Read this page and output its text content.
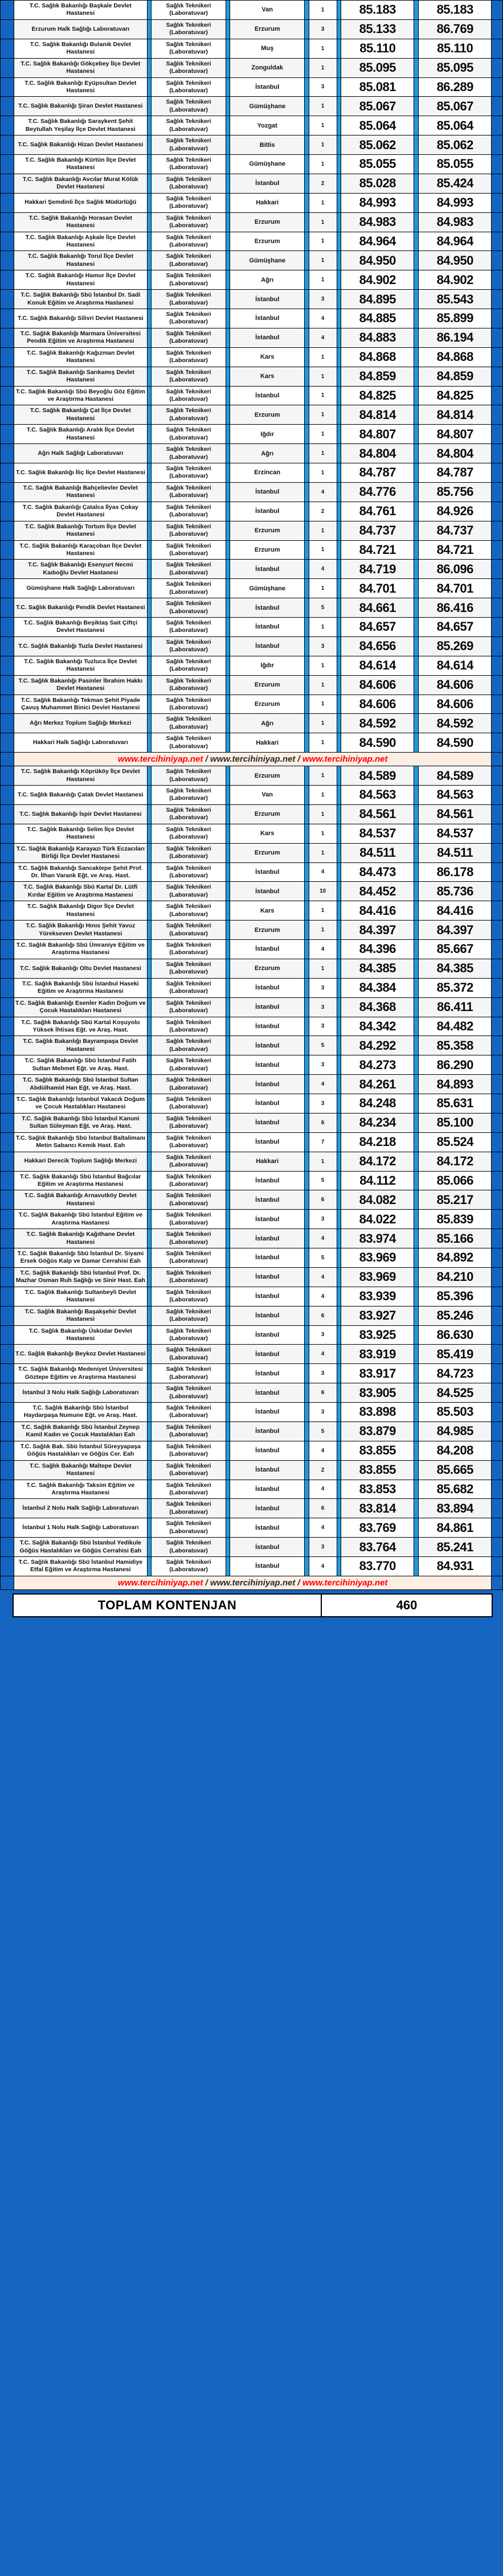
	T.C. Sağlık Bakanlığı Başkale Devlet Hastanesi		Sağlık Teknikeri (Laboratuvar)		Van		1		85.183		85.183	
	Erzurum Halk Sağlığı Laboratuvarı		Sağlık Teknikeri (Laboratuvar)		Erzurum		3		85.133		86.769	
	T.C. Sağlık Bakanlığı Bulanık Devlet Hastanesi		Sağlık Teknikeri (Laboratuvar)		Muş		1		85.110		85.110	
	T.C. Sağlık Bakanlığı Gökçebey İlçe Devlet Hastanesi		Sağlık Teknikeri (Laboratuvar)		Zonguldak		1		85.095		85.095	
	T.C. Sağlık Bakanlığı Eyüpsultan Devlet Hastanesi		Sağlık Teknikeri (Laboratuvar)		İstanbul		3		85.081		86.289	
	T.C. Sağlık Bakanlığı Şiran Devlet Hastanesi		Sağlık Teknikeri (Laboratuvar)		Gümüşhane		1		85.067		85.067	
	T.C. Sağlık Bakanlığı Saraykent Şehit Beytullah Yeşilay İlçe Devlet Hastanesi		Sağlık Teknikeri (Laboratuvar)		Yozgat		1		85.064		85.064	
	T.C. Sağlık Bakanlığı Hizan Devlet Hastanesi		Sağlık Teknikeri (Laboratuvar)		Bitlis		1		85.062		85.062	
	T.C. Sağlık Bakanlığı Kürtün İlçe Devlet Hastanesi		Sağlık Teknikeri (Laboratuvar)		Gümüşhane		1		85.055		85.055	
	T.C. Sağlık Bakanlığı Avcılar Murat Kölük Devlet Hastanesi		Sağlık Teknikeri (Laboratuvar)		İstanbul		2		85.028		85.424	
	Hakkari Şemdinli İlçe Sağlık Müdürlüğü		Sağlık Teknikeri (Laboratuvar)		Hakkari		1		84.993		84.993	
	T.C. Sağlık Bakanlığı Horasan Devlet Hastanesi		Sağlık Teknikeri (Laboratuvar)		Erzurum		1		84.983		84.983	
	T.C. Sağlık Bakanlığı Aşkale İlçe Devlet Hastanesi		Sağlık Teknikeri (Laboratuvar)		Erzurum		1		84.964		84.964	
	T.C. Sağlık Bakanlığı Torul İlçe Devlet Hastanesi		Sağlık Teknikeri (Laboratuvar)		Gümüşhane		1		84.950		84.950	
	T.C. Sağlık Bakanlığı Hamur İlçe Devlet Hastanesi		Sağlık Teknikeri (Laboratuvar)		Ağrı		1		84.902		84.902	
	T.C. Sağlık Bakanlığı Sbü İstanbul Dr. Sadi Konuk Eğitim ve Araştırma Hastanesi		Sağlık Teknikeri (Laboratuvar)		İstanbul		3		84.895		85.543	
	T.C. Sağlık Bakanlığı Silivri Devlet Hastanesi		Sağlık Teknikeri (Laboratuvar)		İstanbul		4		84.885		85.899	
	T.C. Sağlık Bakanlığı Marmara Üniversitesi Pendik Eğitim ve Araştırma Hastanesi		Sağlık Teknikeri (Laboratuvar)		İstanbul		4		84.883		86.194	
	T.C. Sağlık Bakanlığı Kağızman Devlet Hastanesi		Sağlık Teknikeri (Laboratuvar)		Kars		1		84.868		84.868	
	T.C. Sağlık Bakanlığı Sarıkamış Devlet Hastanesi		Sağlık Teknikeri (Laboratuvar)		Kars		1		84.859		84.859	
	T.C. Sağlık Bakanlığı Sbü Beyoğlu Göz Eğitim ve Araştırma Hastanesi		Sağlık Teknikeri (Laboratuvar)		İstanbul		1		84.825		84.825	
	T.C. Sağlık Bakanlığı Çat İlçe Devlet Hastanesi		Sağlık Teknikeri (Laboratuvar)		Erzurum		1		84.814		84.814	
	T.C. Sağlık Bakanlığı Aralık İlçe Devlet Hastanesi		Sağlık Teknikeri (Laboratuvar)		Iğdır		1		84.807		84.807	
	Ağrı Halk Sağlığı Laboratuvarı		Sağlık Teknikeri (Laboratuvar)		Ağrı		1		84.804		84.804	
	T.C. Sağlık Bakanlığı İliç İlçe Devlet Hastanesi		Sağlık Teknikeri (Laboratuvar)		Erzincan		1		84.787		84.787	
	T.C. Sağlık Bakanlığı Bahçelievler Devlet Hastanesi		Sağlık Teknikeri (Laboratuvar)		İstanbul		4		84.776		85.756	
	T.C. Sağlık Bakanlığı Çatalca İlyas Çokay Devlet Hastanesi		Sağlık Teknikeri (Laboratuvar)		İstanbul		2		84.761		84.926	
	T.C. Sağlık Bakanlığı Tortum İlçe Devlet Hastanesi		Sağlık Teknikeri (Laboratuvar)		Erzurum		1		84.737		84.737	
	T.C. Sağlık Bakanlığı Karaçoban İlçe Devlet Hastanesi		Sağlık Teknikeri (Laboratuvar)		Erzurum		1		84.721		84.721	
	T.C. Sağlık Bakanlığı Esenyurt Necmi Kadıoğlu Devlet Hastanesi		Sağlık Teknikeri (Laboratuvar)		İstanbul		4		84.719		86.096	
	Gümüşhane Halk Sağlığı Laboratuvarı		Sağlık Teknikeri (Laboratuvar)		Gümüşhane		1		84.701		84.701	
	T.C. Sağlık Bakanlığı Pendik Devlet Hastanesi		Sağlık Teknikeri (Laboratuvar)		İstanbul		5		84.661		86.416	
	T.C. Sağlık Bakanlığı Beşiktaş Sait Çiftçi Devlet Hastanesi		Sağlık Teknikeri (Laboratuvar)		İstanbul		1		84.657		84.657	
	T.C. Sağlık Bakanlığı Tuzla Devlet Hastanesi		Sağlık Teknikeri (Laboratuvar)		İstanbul		3		84.656		85.269	
	T.C. Sağlık Bakanlığı Tuzluca İlçe Devlet Hastanesi		Sağlık Teknikeri (Laboratuvar)		Iğdır		1		84.614		84.614	
	T.C. Sağlık Bakanlığı Pasinler İbrahim Hakkı Devlet Hastanesi		Sağlık Teknikeri (Laboratuvar)		Erzurum		1		84.606		84.606	
	T.C. Sağlık Bakanlığı Tekman Şehit Piyade Çavuş Muhammet Binici Devlet Hastanesi		Sağlık Teknikeri (Laboratuvar)		Erzurum		1		84.606		84.606	
	Ağrı Merkez Toplum Sağlığı Merkezi		Sağlık Teknikeri (Laboratuvar)		Ağrı		1		84.592		84.592	
	Hakkari Halk Sağlığı Laboratuvarı		Sağlık Teknikeri (Laboratuvar)		Hakkari		1		84.590		84.590	
	www.tercihiniyap.net / www.tercihiniyap.net / www.tercihiniyap.net											
	T.C. Sağlık Bakanlığı Köprüköy İlçe Devlet Hastanesi		Sağlık Teknikeri (Laboratuvar)		Erzurum		1		84.589		84.589	
	T.C. Sağlık Bakanlığı Çatak Devlet Hastanesi		Sağlık Teknikeri (Laboratuvar)		Van		1		84.563		84.563	
	T.C. Sağlık Bakanlığı İspir Devlet Hastanesi		Sağlık Teknikeri (Laboratuvar)		Erzurum		1		84.561		84.561	
	T.C. Sağlık Bakanlığı Selim İlçe Devlet Hastanesi		Sağlık Teknikeri (Laboratuvar)		Kars		1		84.537		84.537	
	T.C. Sağlık Bakanlığı Karayazı Türk Eczacıları Birliği İlçe Devlet Hastanesi		Sağlık Teknikeri (Laboratuvar)		Erzurum		1		84.511		84.511	
	T.C. Sağlık Bakanlığı Sancaktepe Şehit Prof. Dr. İlhan Varank Eğt. ve Araş. Hast.		Sağlık Teknikeri (Laboratuvar)		İstanbul		4		84.473		86.178	
	T.C. Sağlık Bakanlığı Sbü Kartal Dr. Lütfi Kırdar Eğitim ve Araştırma Hastanesi		Sağlık Teknikeri (Laboratuvar)		İstanbul		10		84.452		85.736	
	T.C. Sağlık Bakanlığı Digor İlçe Devlet Hastanesi		Sağlık Teknikeri (Laboratuvar)		Kars		1		84.416		84.416	
	T.C. Sağlık Bakanlığı Hınıs Şehit Yavuz Yürekseven Devlet Hastanesi		Sağlık Teknikeri (Laboratuvar)		Erzurum		1		84.397		84.397	
	T.C. Sağlık Bakanlığı Sbü Ümraniye Eğitim ve Araştırma Hastanesi		Sağlık Teknikeri (Laboratuvar)		İstanbul		4		84.396		85.667	
	T.C. Sağlık Bakanlığı Oltu Devlet Hastanesi		Sağlık Teknikeri (Laboratuvar)		Erzurum		1		84.385		84.385	
	T.C. Sağlık Bakanlığı Sbü İstanbul Haseki Eğitim ve Araştırma Hastanesi		Sağlık Teknikeri (Laboratuvar)		İstanbul		3		84.384		85.372	
	T.C. Sağlık Bakanlığı Esenler Kadın Doğum ve Çocuk Hastalıkları Hastanesi		Sağlık Teknikeri (Laboratuvar)		İstanbul		3		84.368		86.411	
	T.C. Sağlık Bakanlığı Sbü Kartal Koşuyolu Yüksek İhtisas Eğt. ve Araş. Hast.		Sağlık Teknikeri (Laboratuvar)		İstanbul		3		84.342		84.482	
	T.C. Sağlık Bakanlığı Bayrampaşa Devlet Hastanesi		Sağlık Teknikeri (Laboratuvar)		İstanbul		5		84.292		85.358	
	T.C. Sağlık Bakanlığı Sbü İstanbul Fatih Sultan Mehmet Eğt. ve Araş. Hast.		Sağlık Teknikeri (Laboratuvar)		İstanbul		3		84.273		86.290	
	T.C. Sağlık Bakanlığı Sbü İstanbul Sultan Abdülhamid Han Eğt. ve Araş. Hast.		Sağlık Teknikeri (Laboratuvar)		İstanbul		4		84.261		84.893	
	T.C. Sağlık Bakanlığı İstanbul Yakacık Doğum ve Çocuk Hastalıkları Hastanesi		Sağlık Teknikeri (Laboratuvar)		İstanbul		3		84.248		85.631	
	T.C. Sağlık Bakanlığı Sbü İstanbul Kanuni Sultan Süleyman Eğt. ve Araş. Hast.		Sağlık Teknikeri (Laboratuvar)		İstanbul		6		84.234		85.100	
	T.C. Sağlık Bakanlığı Sbü İstanbul Baltalimanı Metin Sabancı Kemik Hast. Eah		Sağlık Teknikeri (Laboratuvar)		İstanbul		7		84.218		85.524	
	Hakkari Derecik Toplum Sağlığı Merkezi		Sağlık Teknikeri (Laboratuvar)		Hakkari		1		84.172		84.172	
	T.C. Sağlık Bakanlığı Sbü İstanbul Bağcılar Eğitim ve Araştırma Hastanesi		Sağlık Teknikeri (Laboratuvar)		İstanbul		5		84.112		85.066	
	T.C. Sağlık Bakanlığı Arnavutköy Devlet Hastanesi		Sağlık Teknikeri (Laboratuvar)		İstanbul		6		84.082		85.217	
	T.C. Sağlık Bakanlığı Sbü İstanbul Eğitim ve Araştırma Hastanesi		Sağlık Teknikeri (Laboratuvar)		İstanbul		3		84.022		85.839	
	T.C. Sağlık Bakanlığı Kağıthane Devlet Hastanesi		Sağlık Teknikeri (Laboratuvar)		İstanbul		4		83.974		85.166	
	T.C. Sağlık Bakanlığı Sbü İstanbul Dr. Siyami Ersek Göğüs Kalp ve Damar Cerrahisi Eah		Sağlık Teknikeri (Laboratuvar)		İstanbul		5		83.969		84.892	
	T.C. Sağlık Bakanlığı Sbü İstanbul Prof. Dr. Mazhar Osman Ruh Sağlığı ve Sinir Hast. Eah		Sağlık Teknikeri (Laboratuvar)		İstanbul		4		83.969		84.210	
	T.C. Sağlık Bakanlığı Sultanbeyli Devlet Hastanesi		Sağlık Teknikeri (Laboratuvar)		İstanbul		4		83.939		85.396	
	T.C. Sağlık Bakanlığı Başakşehir Devlet Hastanesi		Sağlık Teknikeri (Laboratuvar)		İstanbul		6		83.927		85.246	
	T.C. Sağlık Bakanlığı Üsküdar Devlet Hastanesi		Sağlık Teknikeri (Laboratuvar)		İstanbul		3		83.925		86.630	
	T.C. Sağlık Bakanlığı Beykoz Devlet Hastanesi		Sağlık Teknikeri (Laboratuvar)		İstanbul		4		83.919		85.419	
	T.C. Sağlık Bakanlığı Medeniyet Üniversitesi Göztepe Eğitim ve Araştırma Hastanesi		Sağlık Teknikeri (Laboratuvar)		İstanbul		3		83.917		84.723	
	İstanbul 3 Nolu Halk Sağlığı Laboratuvarı		Sağlık Teknikeri (Laboratuvar)		İstanbul		6		83.905		84.525	
	T.C. Sağlık Bakanlığı Sbü İstanbul Haydarpaşa Numune Eğt. ve Araş. Hast.		Sağlık Teknikeri (Laboratuvar)		İstanbul		3		83.898		85.503	
	T.C. Sağlık Bakanlığı Sbü İstanbul Zeynep Kamil Kadın ve Çocuk Hastalıkları Eah		Sağlık Teknikeri (Laboratuvar)		İstanbul		5		83.879		84.985	
	T.C. Sağlık Bak. Sbü İstanbul Süreyyapaşa Göğüs Hastalıkları ve Göğüs Cer. Eah		Sağlık Teknikeri (Laboratuvar)		İstanbul		4		83.855		84.208	
	T.C. Sağlık Bakanlığı Maltepe Devlet Hastanesi		Sağlık Teknikeri (Laboratuvar)		İstanbul		2		83.855		85.665	
	T.C. Sağlık Bakanlığı Taksim Eğitim ve Araştırma Hastanesi		Sağlık Teknikeri (Laboratuvar)		İstanbul		4		83.853		85.682	
	İstanbul 2 Nolu Halk Sağlığı Laboratuvarı		Sağlık Teknikeri (Laboratuvar)		İstanbul		6		83.814		83.894	
	İstanbul 1 Nolu Halk Sağlığı Laboratuvarı		Sağlık Teknikeri (Laboratuvar)		İstanbul		4		83.769		84.861	
	T.C. Sağlık Bakanlığı Sbü İstanbul Yedikule Göğüs Hastalıkları ve Göğüs Cerrahisi Eah		Sağlık Teknikeri (Laboratuvar)		İstanbul		3		83.764		85.241	
	T.C. Sağlık Bakanlığı Sbü İstanbul Hamidiye Etfal Eğitim ve Araştırma Hastanesi		Sağlık Teknikeri (Laboratuvar)		İstanbul		4		83.770		84.931	
	www.tercihiniyap.net / www.tercihiniyap.net / www.tercihiniyap.net											
TOPLAM KONTENJAN	460
